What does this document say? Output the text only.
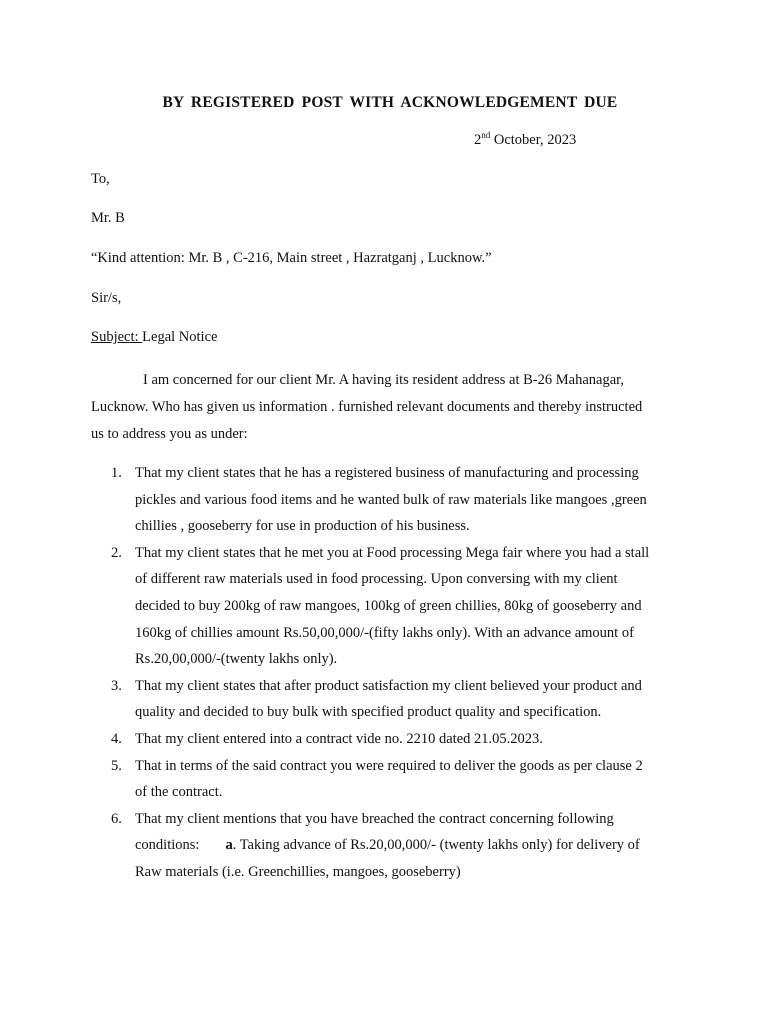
BY REGISTERED POST WITH ACKNOWLEDGEMENT DUE
2nd October, 2023
To,
Mr. B
“Kind attention: Mr. B , C-216, Main street , Hazratganj , Lucknow.”
Sir/s,
Subject: Legal Notice
I am concerned for our client Mr. A having its resident address at B-26 Mahanagar,
Lucknow. Who has given us information . furnished relevant documents and thereby instructed
us to address you as under:
1. That my client states that he has a registered business of manufacturing and processing
pickles and various food items and he wanted bulk of raw materials like mangoes ,green
chillies , gooseberry for use in production of his business.
2. That my client states that he met you at Food processing Mega fair where you had a stall
of different raw materials used in food processing. Upon conversing with my client
decided to buy 200kg of raw mangoes, 100kg of green chillies, 80kg of gooseberry and
160kg of chillies amount Rs.50,00,000/-(fifty lakhs only). With an advance amount of
Rs.20,00,000/-(twenty lakhs only).
3. That my client states that after product satisfaction my client believed your product and
quality and decided to buy bulk with specified product quality and specification.
4. That my client entered into a contract vide no. 2210 dated 21.05.2023.
5. That in terms of the said contract you were required to deliver the goods as per clause 2
of the contract.
6. That my client mentions that you have breached the contract concerning following
conditions: a. Taking advance of Rs.20,00,000/- (twenty lakhs only) for delivery of
Raw materials (i.e. Greenchillies, mangoes, gooseberry)
